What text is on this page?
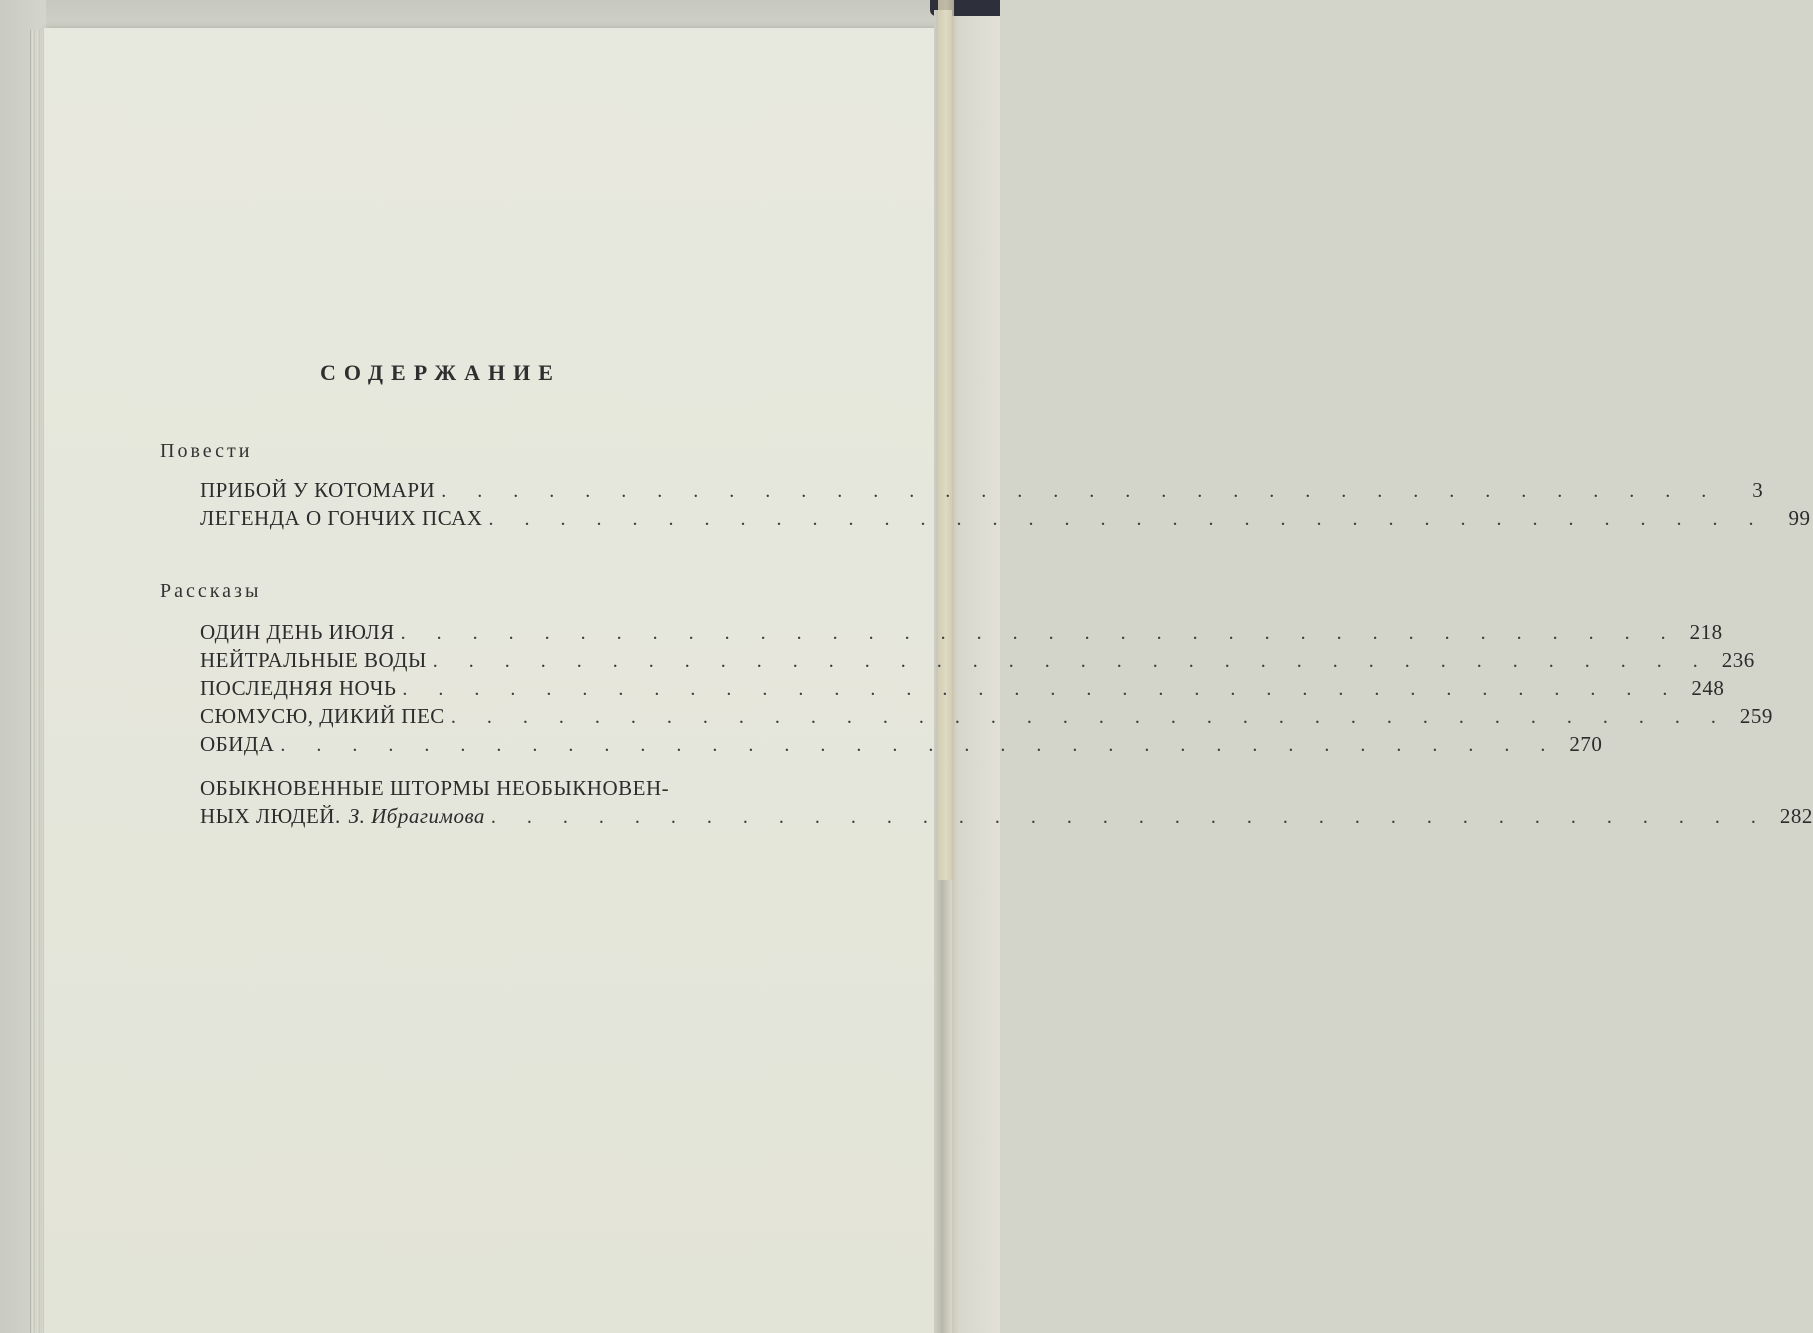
СОДЕРЖАНИЕ
Повести
ПРИБОЙ У КОТОМАРИ . . . . . . . . . . . . . . . . . . . . . . . . . . . . . . . . . . . .	3
ЛЕГЕНДА О ГОНЧИХ ПСАХ . . . . . . . . . . . . . . . . . . . . . . . . . . . . . . . . . . . .	99
Рассказы
ОДИН ДЕНЬ ИЮЛЯ . . . . . . . . . . . . . . . . . . . . . . . . . . . . . . . . . . . . 218
НЕЙТРАЛЬНЫЕ ВОДЫ . . . . . . . . . . . . . . . . . . . . . . . . . . . . . . . . . . . . 236
ПОСЛЕДНЯЯ НОЧЬ . . . . . . . . . . . . . . . . . . . . . . . . . . . . . . . . . . . . 248
СЮМУСЮ, ДИКИЙ ПЕС . . . . . . . . . . . . . . . . . . . . . . . . . . . . . . . . . . . . 259
ОБИДА . . . . . . . . . . . . . . . . . . . . . . . . . . . . . . . . . . . . 270
ОБЫКНОВЕННЫЕ ШТОРМЫ НЕОБЫКНОВЕН-
НЫХ ЛЮДЕЙ. З. Ибрагимова . . . . . . . . . . . . . . . . . . . . . . . . . . . . . . . . . . . . 282
